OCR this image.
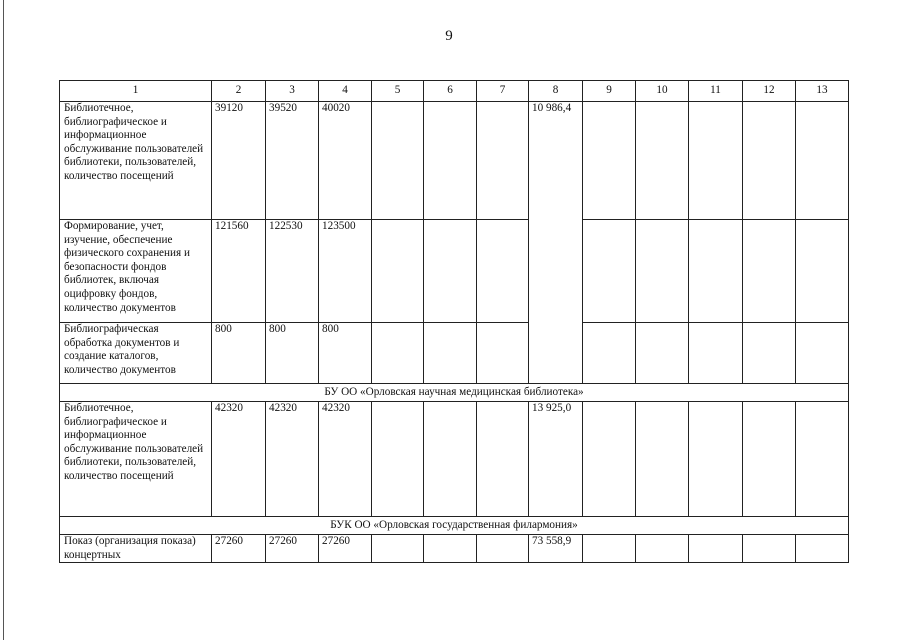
9
1	2	3	4	5	6	7	8	9	10	11	12	13
Библиотечное, библиографическое и информационное обслуживание пользователей библиотеки, пользователей, количество посещений	39120	39520	40020				10 986,4					
Формирование, учет, изучение, обеспечение физического сохранения и безопасности фондов библиотек, включая оцифровку фондов, количество документов	121560	122530	123500									
Библиографическая обработка документов и создание каталогов, количество документов	800	800	800									
БУ ОО «Орловская научная медицинская библиотека»												
Библиотечное, библиографическое и информационное обслуживание пользователей библиотеки, пользователей, количество посещений	42320	42320	42320				13 925,0					
БУК ОО «Орловская государственная филармония»												
Показ (организация показа) концертных	27260	27260	27260				73 558,9					
